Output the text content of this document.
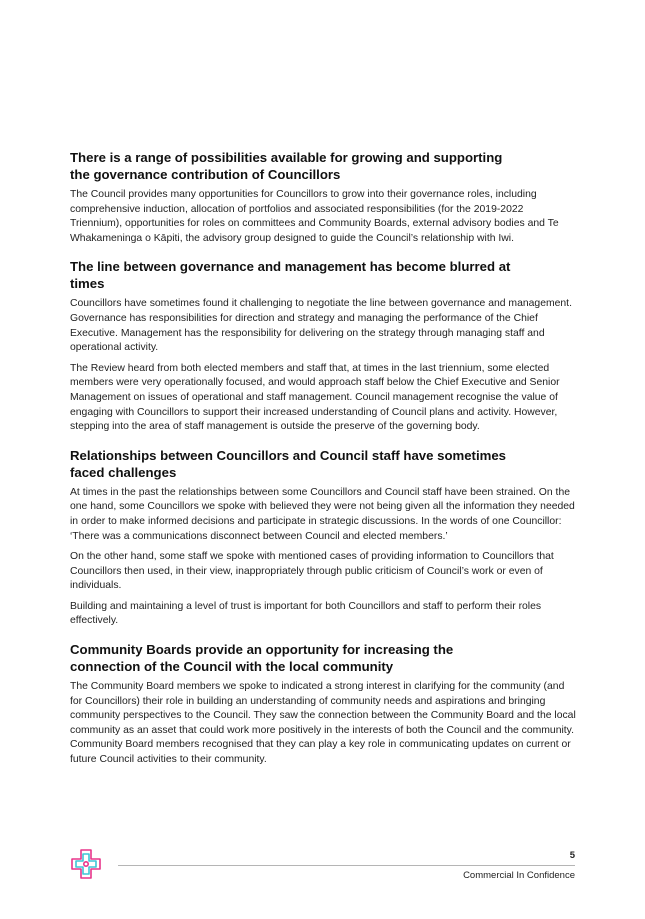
There is a range of possibilities available for growing and supporting the governance contribution of Councillors

The Council provides many opportunities for Councillors to grow into their governance roles, including comprehensive induction, allocation of portfolios and associated responsibilities (for the 2019-2022 Triennium), opportunities for roles on committees and Community Boards, external advisory bodies and Te Whakameninga o Kāpiti, the advisory group designed to guide the Council’s relationship with Iwi.

The line between governance and management has become blurred at times

Councillors have sometimes found it challenging to negotiate the line between governance and management. Governance has responsibilities for direction and strategy and managing the performance of the Chief Executive. Management has the responsibility for delivering on the strategy through managing staff and operational activity.

The Review heard from both elected members and staff that, at times in the last triennium, some elected members were very operationally focused, and would approach staff below the Chief Executive and Senior Management on issues of operational and staff management. Council management recognise the value of engaging with Councillors to support their increased understanding of Council plans and activity. However, stepping into the area of staff management is outside the preserve of the governing body.

Relationships between Councillors and Council staff have sometimes faced challenges

At times in the past the relationships between some Councillors and Council staff have been strained. On the one hand, some Councillors we spoke with believed they were not being given all the information they needed in order to make informed decisions and participate in strategic discussions. In the words of one Councillor: ‘There was a communications disconnect between Council and elected members.’

On the other hand, some staff we spoke with mentioned cases of providing information to Councillors that Councillors then used, in their view, inappropriately through public criticism of Council’s work or even of individuals.

Building and maintaining a level of trust is important for both Councillors and staff to perform their roles effectively.

Community Boards provide an opportunity for increasing the connection of the Council with the local community

The Community Board members we spoke to indicated a strong interest in clarifying for the community (and for Councillors) their role in building an understanding of community needs and aspirations and bringing community perspectives to the Council. They saw the connection between the Community Board and the local community as an asset that could work more positively in the interests of both the Council and the community. Community Board members recognised that they can play a key role in communicating updates on current or future Council activities to their community.

5
Commercial In Confidence
